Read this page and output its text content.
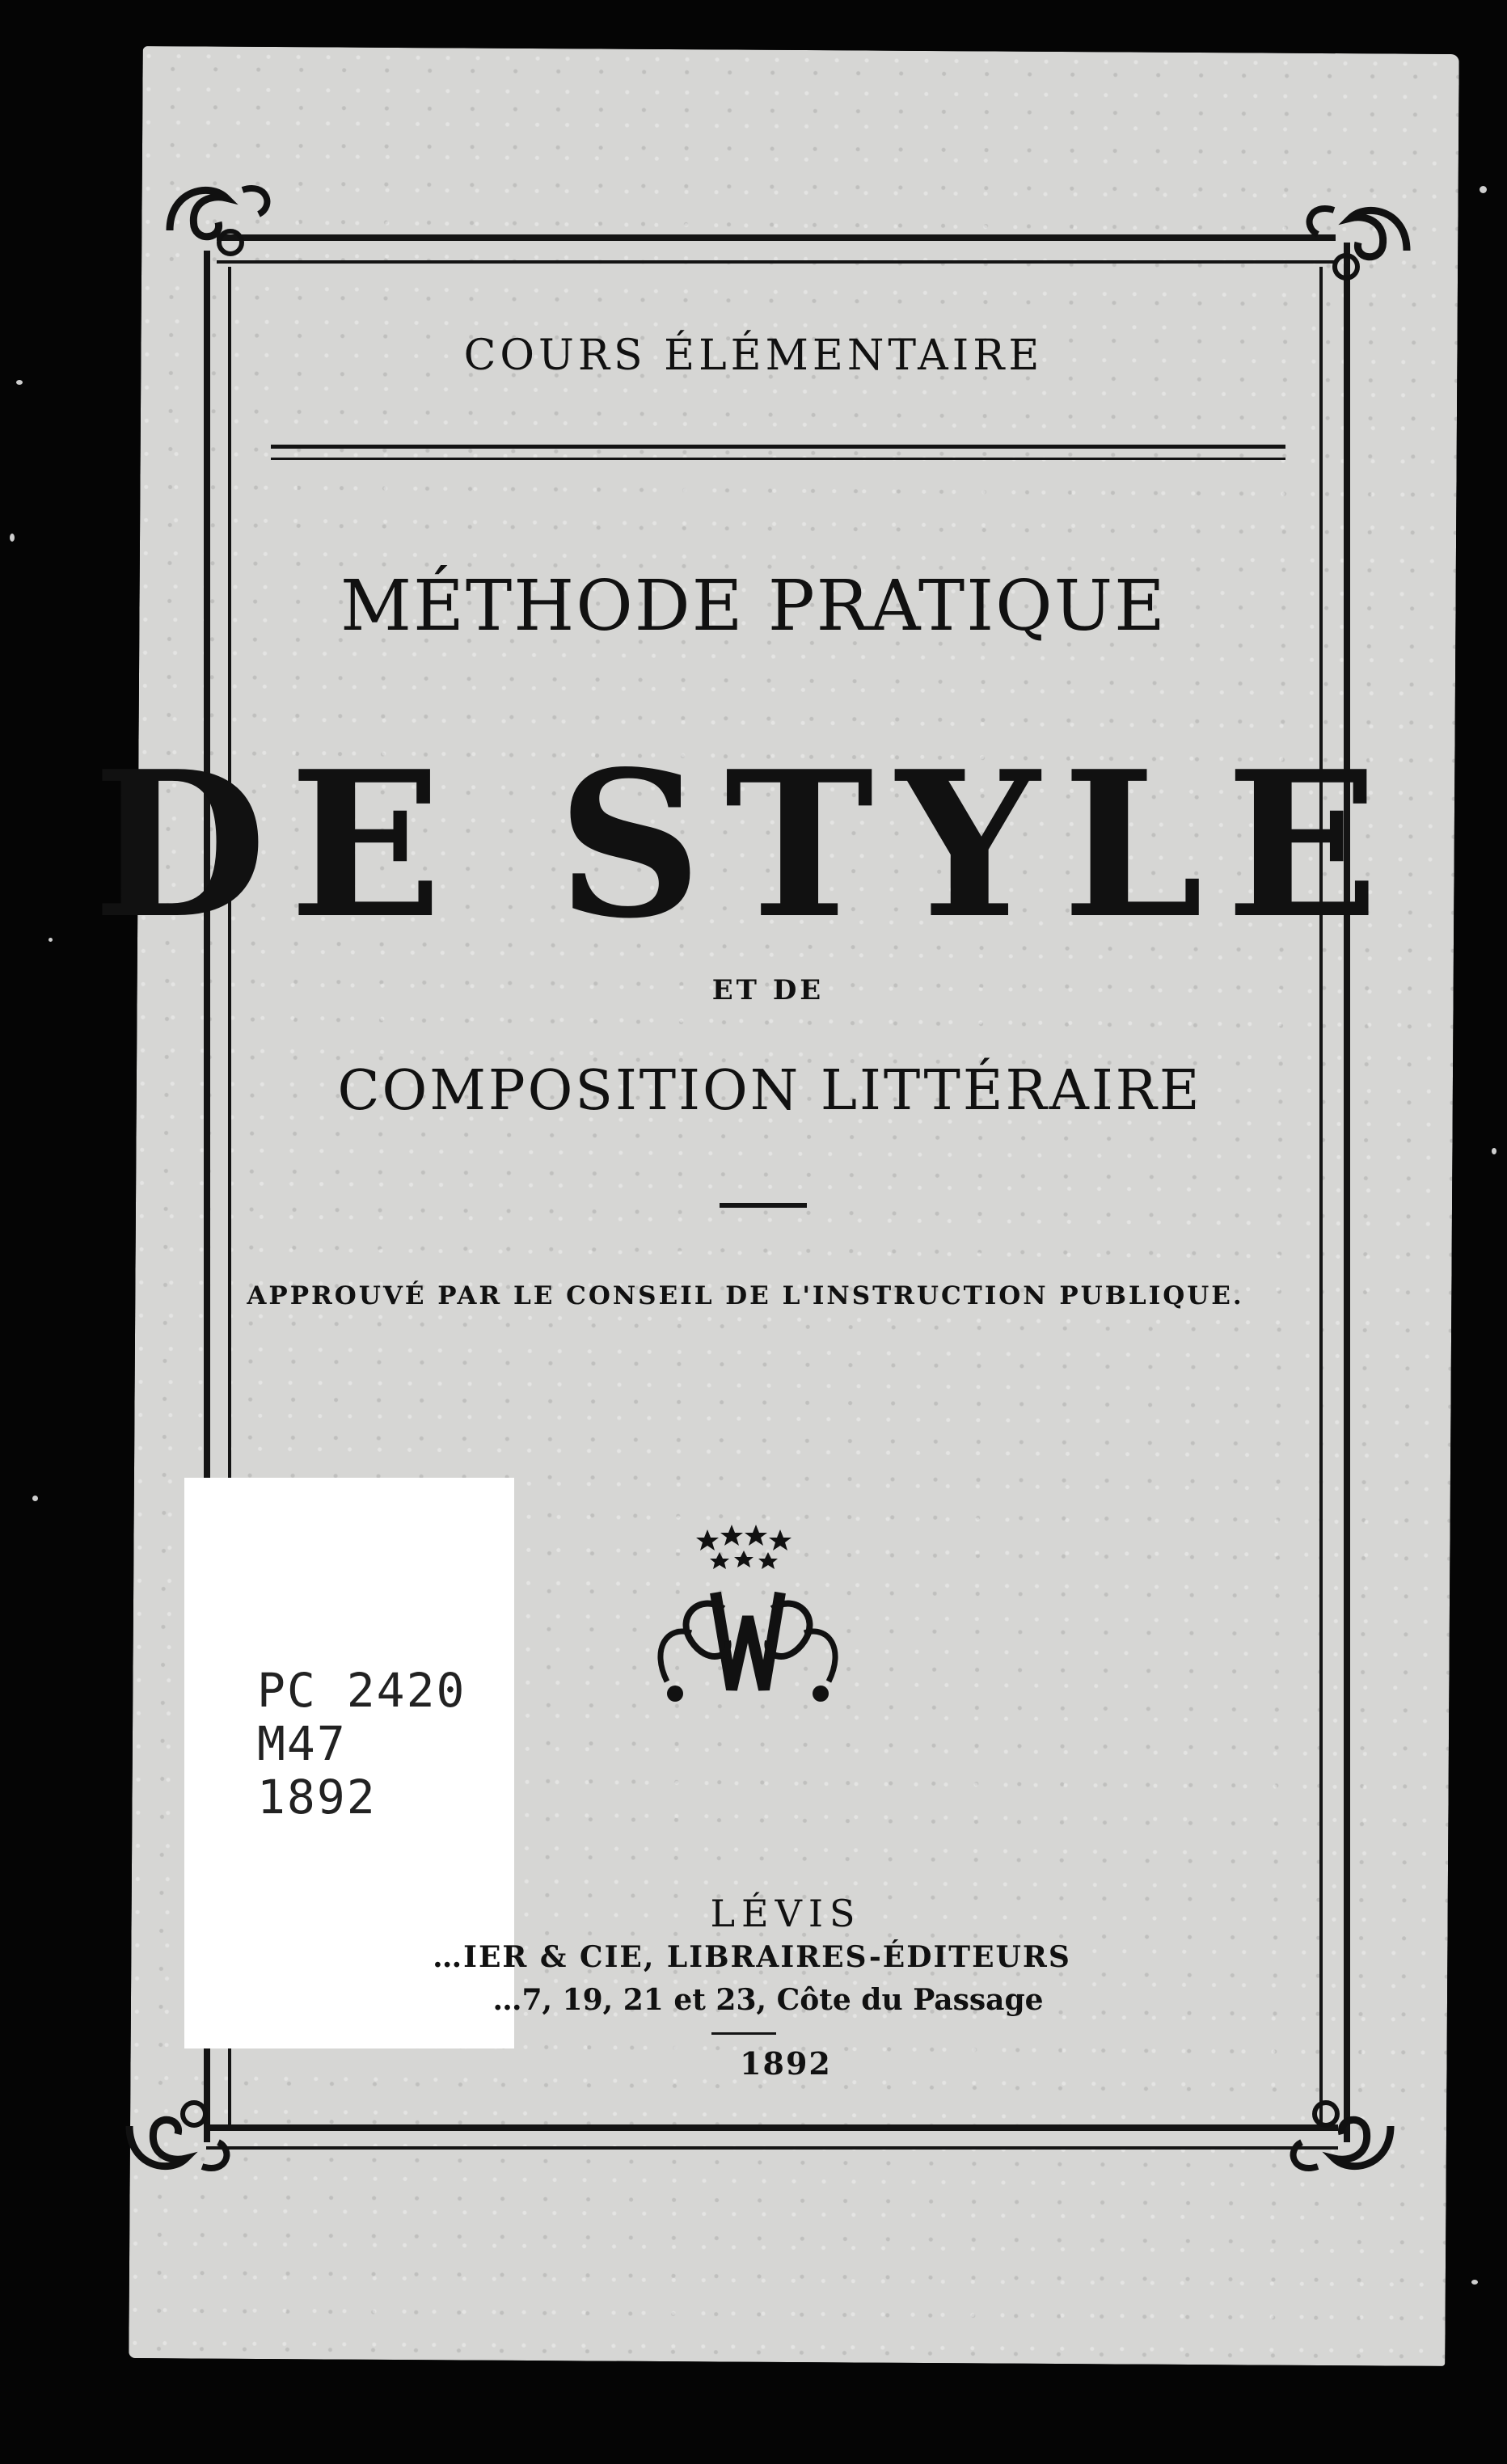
COURS ÉLÉMENTAIRE
MÉTHODE PRATIQUE
DE STYLE
ET DE
COMPOSITION LITTÉRAIRE
APPROUVÉ PAR LE CONSEIL DE L'INSTRUCTION PUBLIQUE.
PC 2420
M47
1892
LÉVIS
…IER & CIE, LIBRAIRES-ÉDITEURS
…7, 19, 21 et 23, Côte du Passage
1892
